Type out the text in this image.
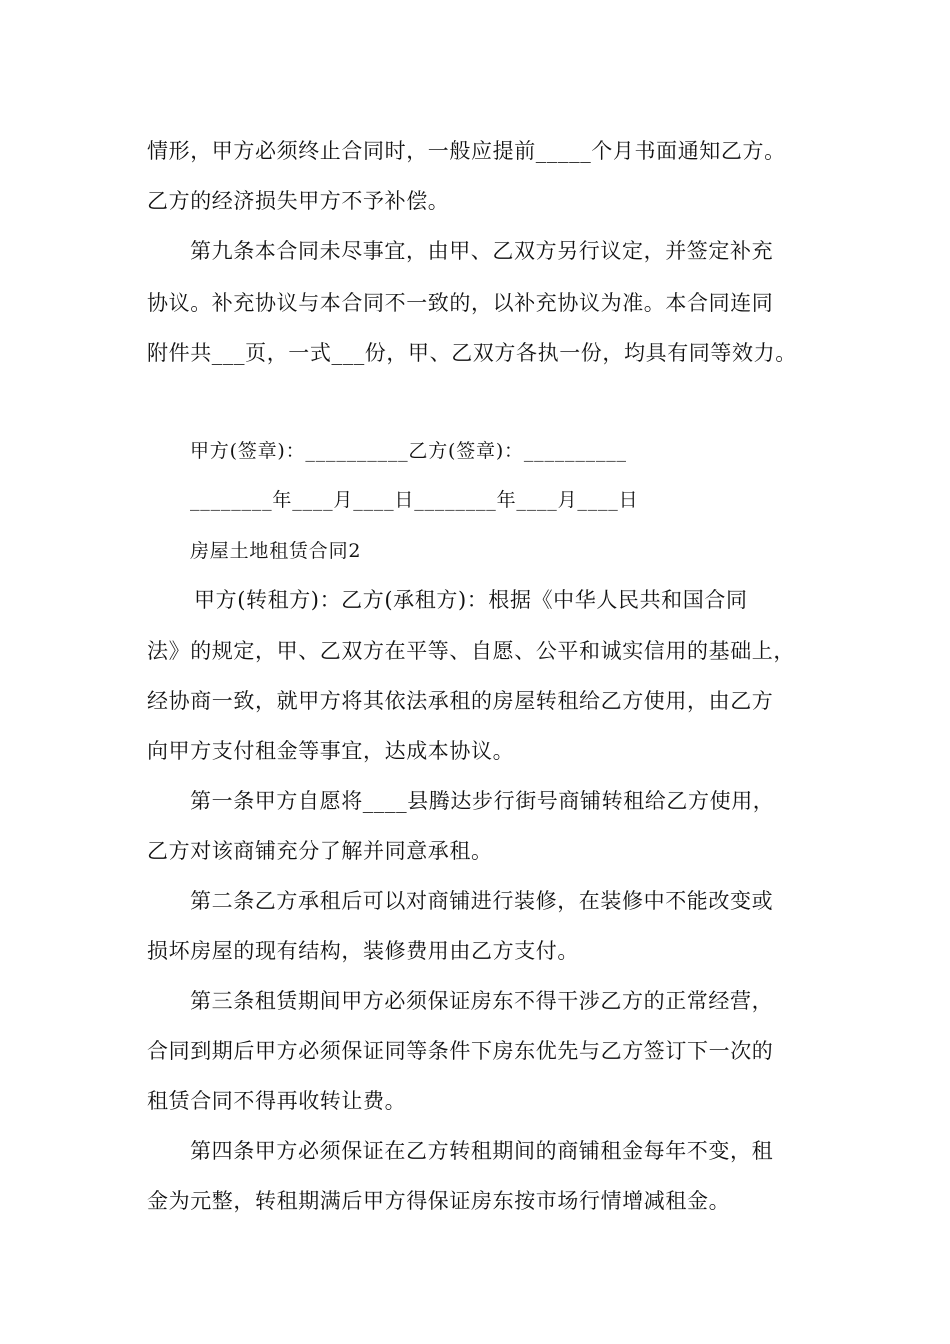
情形，甲方必须终止合同时，一般应提前_____个月书面通知乙方。
乙方的经济损失甲方不予补偿。
第九条本合同未尽事宜，由甲、乙双方另行议定，并签定补充
协议。补充协议与本合同不一致的，以补充协议为准。本合同连同
附件共___页，一式___份，甲、乙双方各执一份，均具有同等效力。
甲方(签章)：__________乙方(签章)：__________
________年____月____日________年____月____日
房屋土地租赁合同2
甲方(转租方)：乙方(承租方)：根据《中华人民共和国合同
法》的规定，甲、乙双方在平等、自愿、公平和诚实信用的基础上，
经协商一致，就甲方将其依法承租的房屋转租给乙方使用，由乙方
向甲方支付租金等事宜，达成本协议。
第一条甲方自愿将____县腾达步行街号商铺转租给乙方使用，
乙方对该商铺充分了解并同意承租。
第二条乙方承租后可以对商铺进行装修，在装修中不能改变或
损坏房屋的现有结构，装修费用由乙方支付。
第三条租赁期间甲方必须保证房东不得干涉乙方的正常经营，
合同到期后甲方必须保证同等条件下房东优先与乙方签订下一次的
租赁合同不得再收转让费。
第四条甲方必须保证在乙方转租期间的商铺租金每年不变，租
金为元整，转租期满后甲方得保证房东按市场行情增减租金。
